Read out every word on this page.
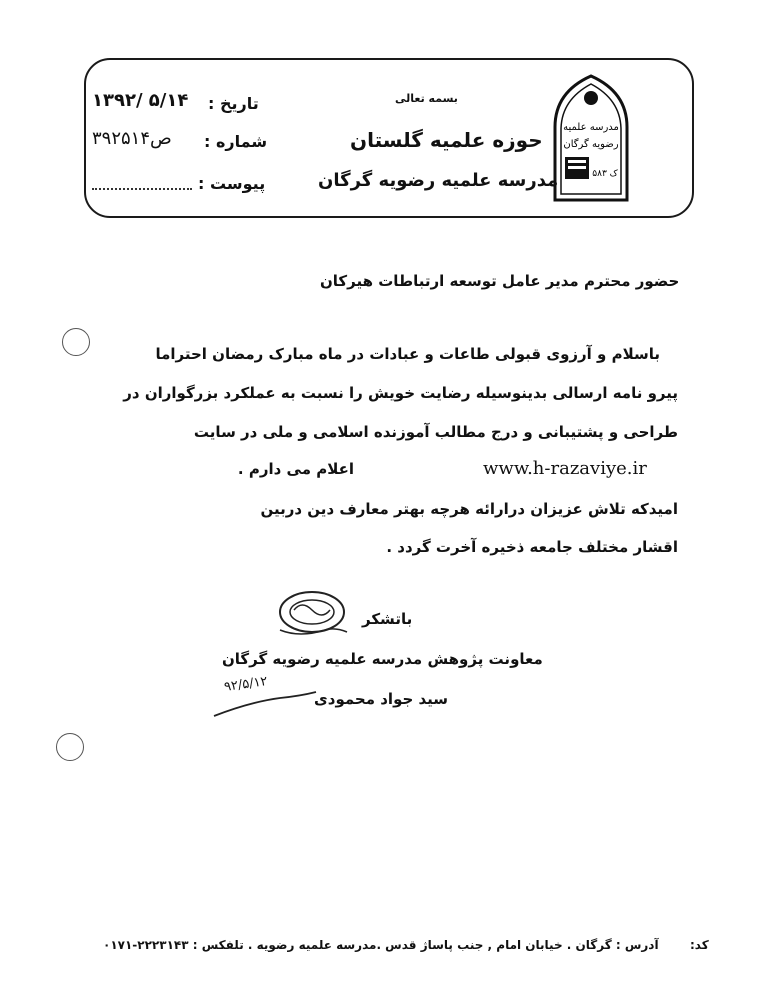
مدرسه علمیه
رضویه گرگان
ک ۵۸۳
بسمه تعالی
حوزه علمیه گلستان
مدرسه علمیه رضویه گرگان
تاریخ :
۱۳۹۲/ ۵/۱۴
شماره :
۳ص۹۲۵۱۴
پیوست :
حضور محترم مدیر عامل توسعه ارتباطات هیرکان
باسلام و آرزوی قبولی طاعات و عبادات در ماه مبارک رمضان احتراما
پیرو نامه ارسالی بدینوسیله رضایت خویش را نسبت به عملکرد بزرگواران در
طراحی و پشتیبانی و درج مطالب آموزنده اسلامی و ملی در سایت
اعلام می دارم .	www.h-razaviye.ir
امیدکه تلاش عزیزان درارائه هرچه بهتر معارف دین دربین
اقشار مختلف جامعه ذخیره آخرت گردد .
باتشکر
معاونت پژوهش مدرسه علمیه رضویه گرگان
۹۲/۵/۱۲
سید جواد محمودی
کد:
آدرس : گرگان . خیابان امام , جنب پاساژ قدس .مدرسه علمیه رضویه . تلفکس : ۲۲۲۳۱۴۳-۰۱۷۱
